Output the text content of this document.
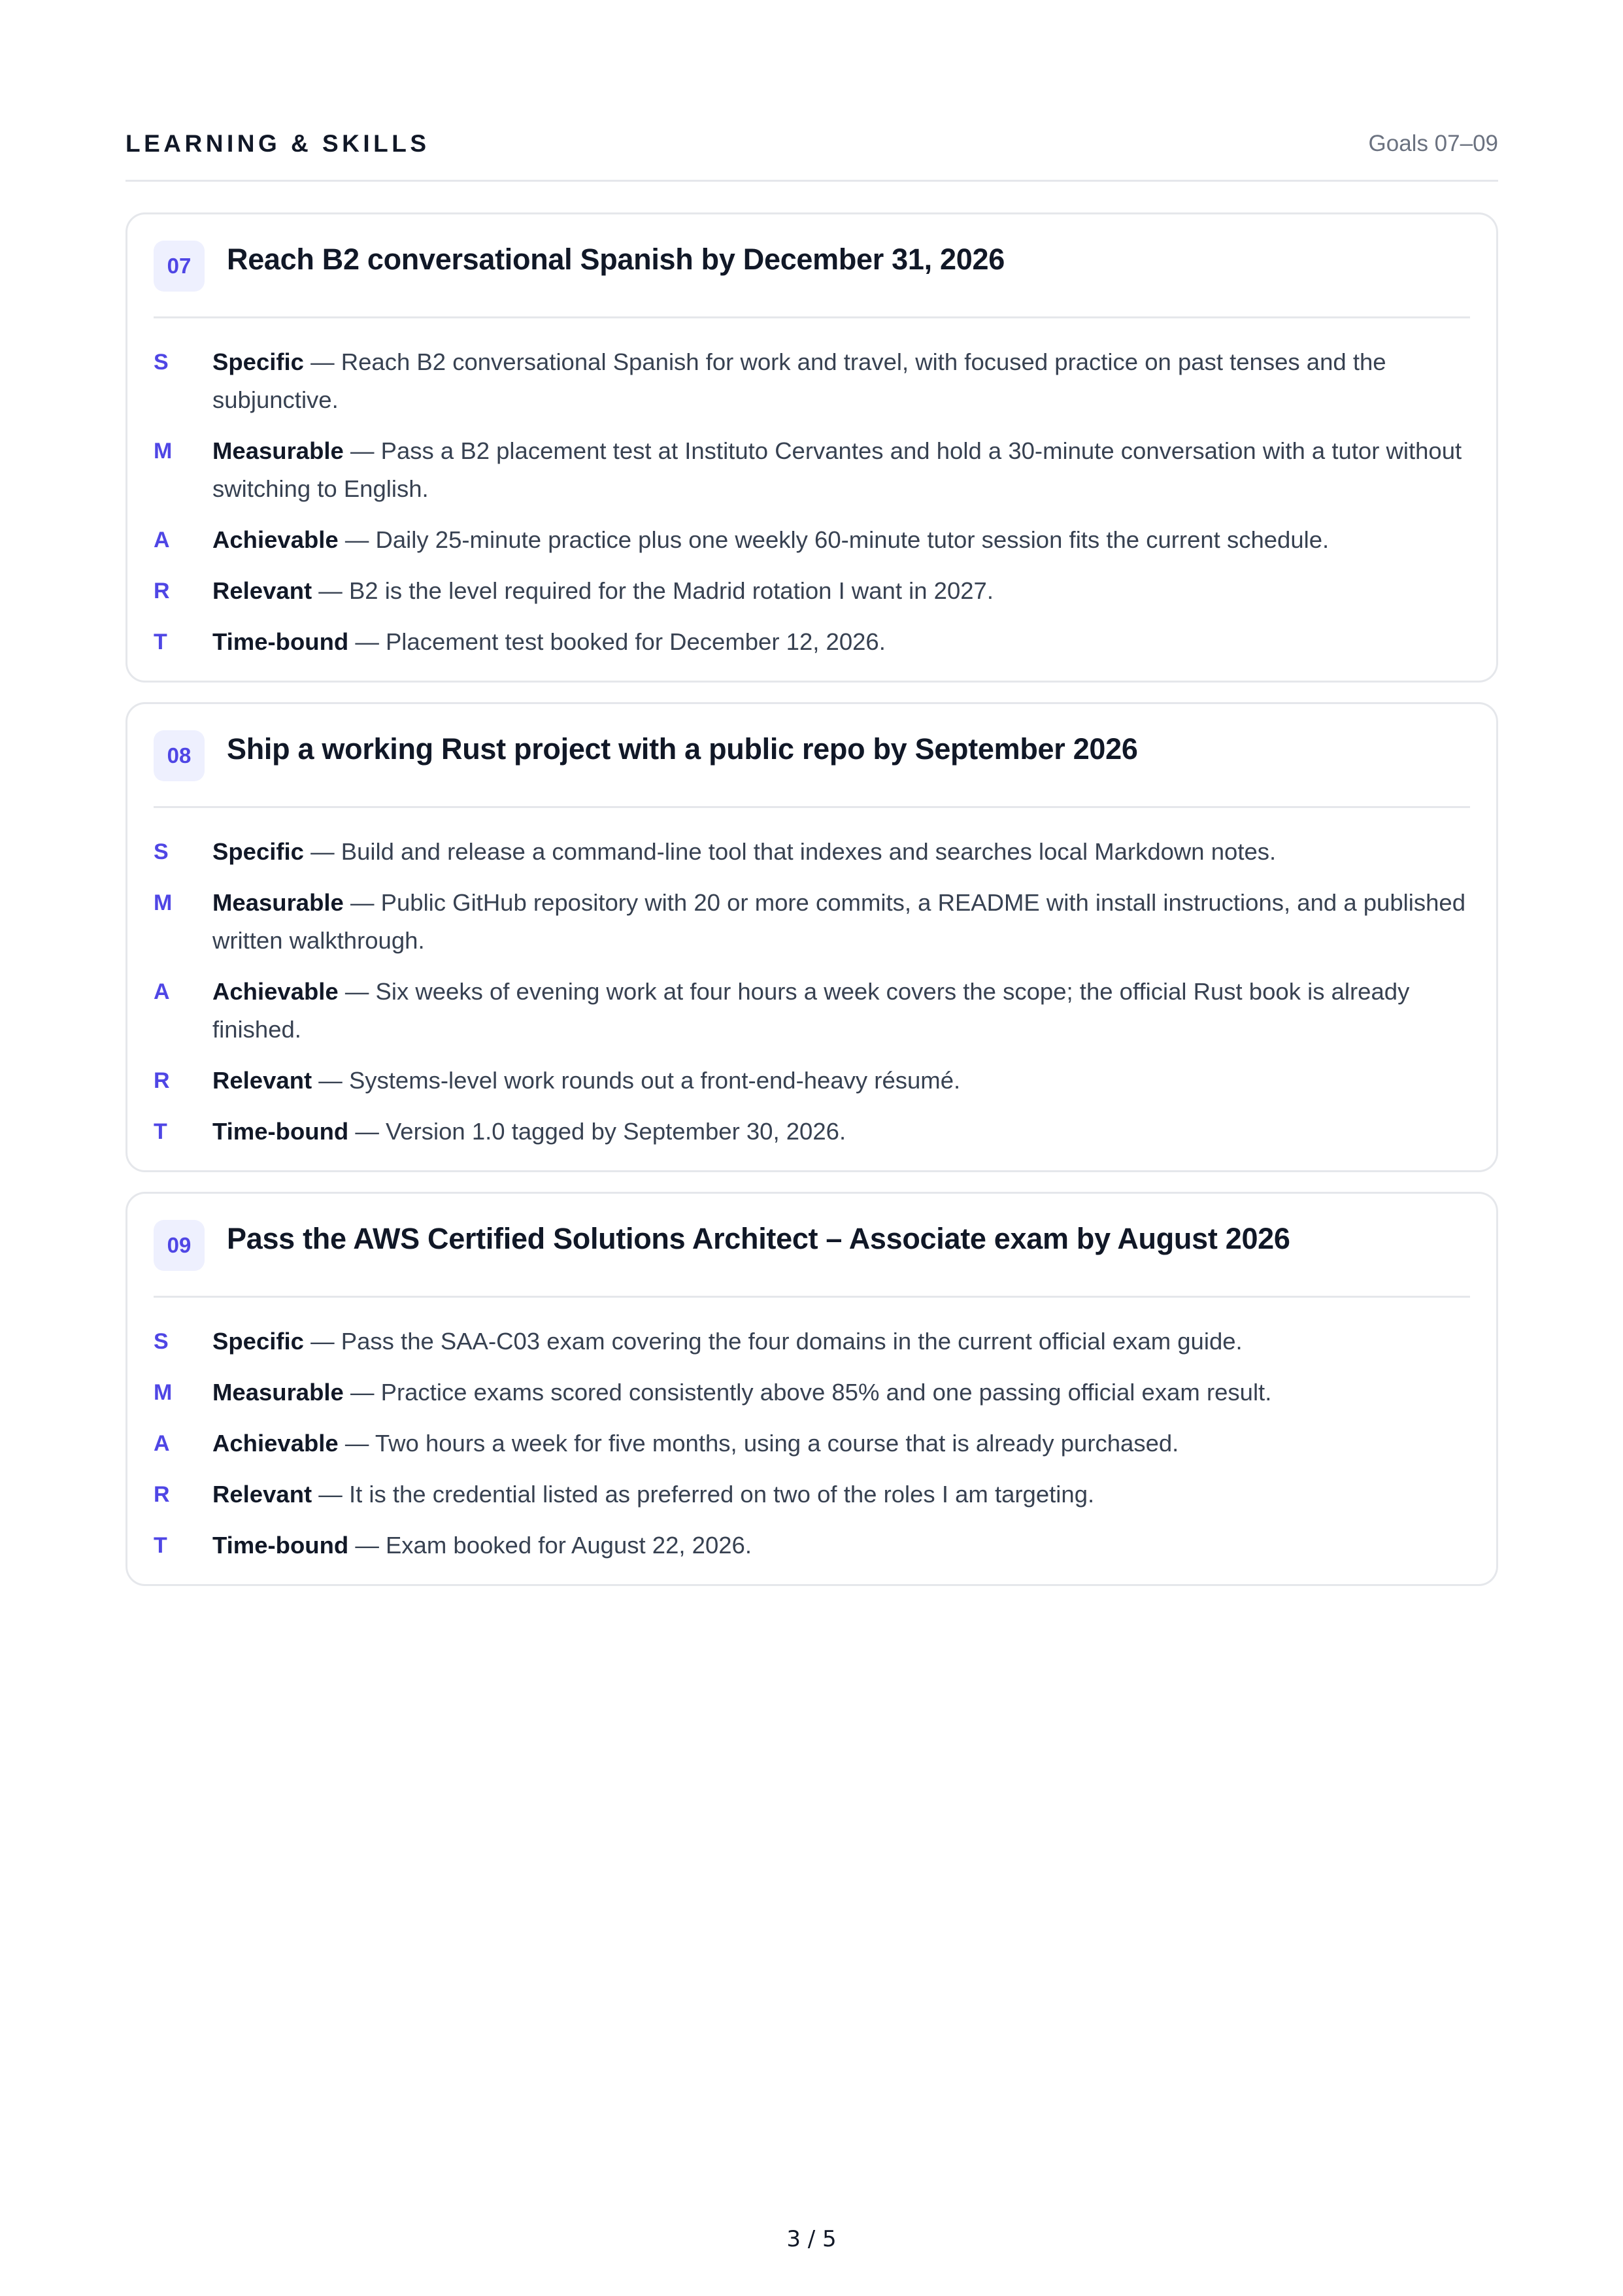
LEARNING & SKILLS	Goals 07–09
07	Reach B2 conversational Spanish by December 31, 2026
S	Specific — Reach B2 conversational Spanish for work and travel, with focused practice on past tenses and the subjunctive.
M	Measurable — Pass a B2 placement test at Instituto Cervantes and hold a 30-minute conversation with a tutor without switching to English.
A	Achievable — Daily 25-minute practice plus one weekly 60-minute tutor session fits the current schedule.
R	Relevant — B2 is the level required for the Madrid rotation I want in 2027.
T	Time-bound — Placement test booked for December 12, 2026.
08	Ship a working Rust project with a public repo by September 2026
S	Specific — Build and release a command-line tool that indexes and searches local Markdown notes.
M	Measurable — Public GitHub repository with 20 or more commits, a README with install instructions, and a published written walkthrough.
A	Achievable — Six weeks of evening work at four hours a week covers the scope; the official Rust book is already finished.
R	Relevant — Systems-level work rounds out a front-end-heavy résumé.
T	Time-bound — Version 1.0 tagged by September 30, 2026.
09	Pass the AWS Certified Solutions Architect – Associate exam by August 2026
S	Specific — Pass the SAA-C03 exam covering the four domains in the current official exam guide.
M	Measurable — Practice exams scored consistently above 85% and one passing official exam result.
A	Achievable — Two hours a week for five months, using a course that is already purchased.
R	Relevant — It is the credential listed as preferred on two of the roles I am targeting.
T	Time-bound — Exam booked for August 22, 2026.
3 / 5
